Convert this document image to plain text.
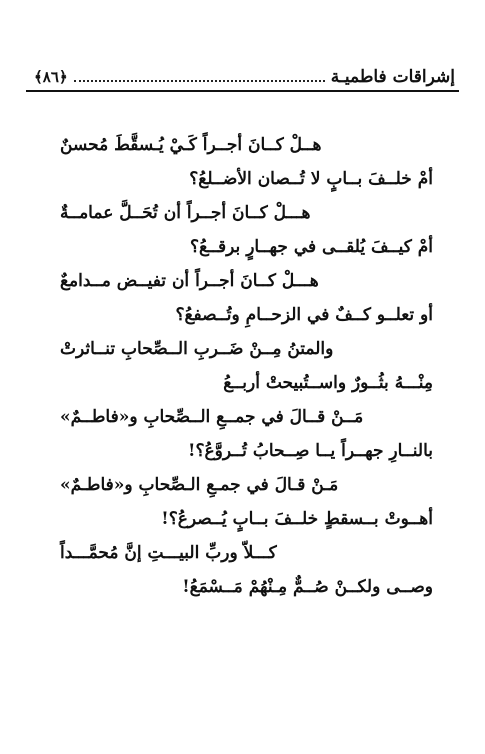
إشراقات فاطميـة
﴿٨٦﴾
هــلْ كــانَ أجــراً كَـيْ يُـسقَّطَ مُحسنٌ
أمْ خلــفَ بــابٍ لا تُــصان الأضــلعُ؟
هـــلْ كــانَ أجــراً أن تُحَــلَّ عمامــةٌ
أمْ كيــفَ يُلقــى في جهــارٍ برقــعُ؟
هـــلْ كــانَ أجــراً أن تفيــض مــدامعٌ
أو تعلــو كــفٌ في الزحــامِ وتُــصفعُ؟
والمتنُ مِــنْ ضَــربِ الــصِّحابِ تنــاثرتْ
مِنْـــهُ بثُــورٌ واســتُبيحتْ أربــعُ
مَــنْ قــالَ في جمــعِ الــصِّحابِ و«فاطــمٌ»
بالنــارِ جهــراً يــا صِــحابُ تُــروَّعُ؟!
مَـنْ قـالَ في جمـعِ الـصِّحابِ و«فاطـمٌ»
أهــوتْ بــسقطٍ خلــفَ بــابٍ يُــصرعُ؟!
كـــلاّ وربِّ البيـــتِ إنَّ مُحمَّـــداً
وصــى ولكــنْ صُــمٌّ مِـنْهُمْ مَــسْمَعُ!
